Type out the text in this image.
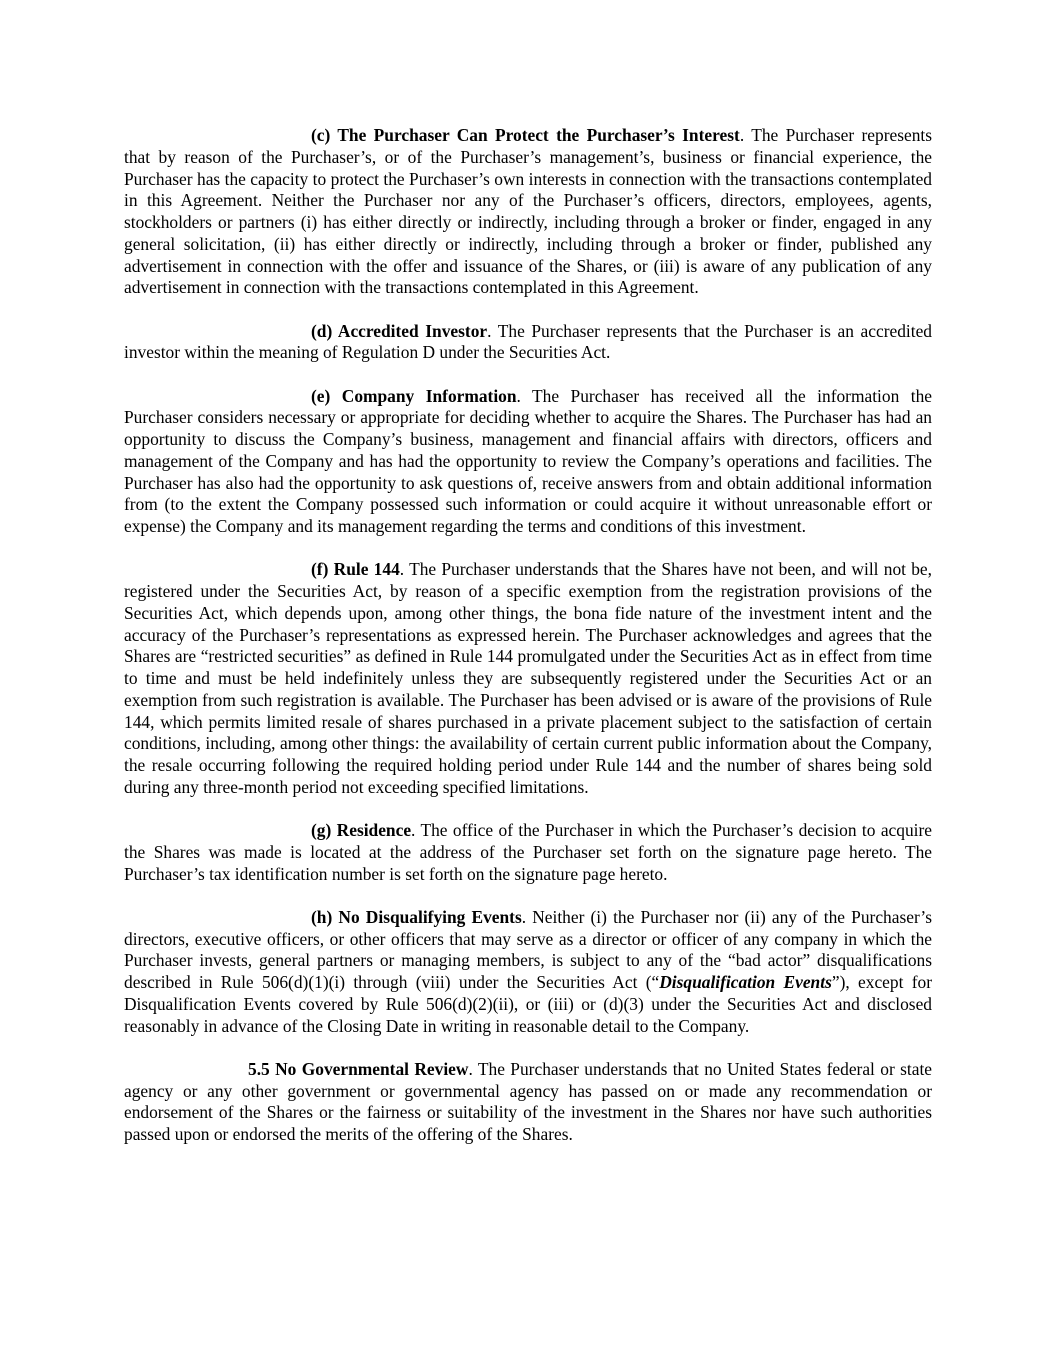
(c) The Purchaser Can Protect the Purchaser’s Interest. The Purchaser represents that by reason of the Purchaser’s, or of the Purchaser’s management’s, business or financial experience, the Purchaser has the capacity to protect the Purchaser’s own interests in connection with the transactions contemplated in this Agreement. Neither the Purchaser nor any of the Purchaser’s officers, directors, employees, agents, stockholders or partners (i) has either directly or indirectly, including through a broker or finder, engaged in any general solicitation, (ii) has either directly or indirectly, including through a broker or finder, published any advertisement in connection with the offer and issuance of the Shares, or (iii) is aware of any publication of any advertisement in connection with the transactions contemplated in this Agreement.

(d) Accredited Investor. The Purchaser represents that the Purchaser is an accredited investor within the meaning of Regulation D under the Securities Act.

(e) Company Information. The Purchaser has received all the information the Purchaser considers necessary or appropriate for deciding whether to acquire the Shares. The Purchaser has had an opportunity to discuss the Company’s business, management and financial affairs with directors, officers and management of the Company and has had the opportunity to review the Company’s operations and facilities. The Purchaser has also had the opportunity to ask questions of, receive answers from and obtain additional information from (to the extent the Company possessed such information or could acquire it without unreasonable effort or expense) the Company and its management regarding the terms and conditions of this investment.

(f) Rule 144. The Purchaser understands that the Shares have not been, and will not be, registered under the Securities Act, by reason of a specific exemption from the registration provisions of the Securities Act, which depends upon, among other things, the bona fide nature of the investment intent and the accuracy of the Purchaser’s representations as expressed herein. The Purchaser acknowledges and agrees that the Shares are “restricted securities” as defined in Rule 144 promulgated under the Securities Act as in effect from time to time and must be held indefinitely unless they are subsequently registered under the Securities Act or an exemption from such registration is available. The Purchaser has been advised or is aware of the provisions of Rule 144, which permits limited resale of shares purchased in a private placement subject to the satisfaction of certain conditions, including, among other things: the availability of certain current public information about the Company, the resale occurring following the required holding period under Rule 144 and the number of shares being sold during any three-month period not exceeding specified limitations.

(g) Residence. The office of the Purchaser in which the Purchaser’s decision to acquire the Shares was made is located at the address of the Purchaser set forth on the signature page hereto. The Purchaser’s tax identification number is set forth on the signature page hereto.

(h) No Disqualifying Events. Neither (i) the Purchaser nor (ii) any of the Purchaser’s directors, executive officers, or other officers that may serve as a director or officer of any company in which the Purchaser invests, general partners or managing members, is subject to any of the “bad actor” disqualifications described in Rule 506(d)(1)(i) through (viii) under the Securities Act (“Disqualification Events”), except for Disqualification Events covered by Rule 506(d)(2)(ii), or (iii) or (d)(3) under the Securities Act and disclosed reasonably in advance of the Closing Date in writing in reasonable detail to the Company.

5.5 No Governmental Review. The Purchaser understands that no United States federal or state agency or any other government or governmental agency has passed on or made any recommendation or endorsement of the Shares or the fairness or suitability of the investment in the Shares nor have such authorities passed upon or endorsed the merits of the offering of the Shares.
